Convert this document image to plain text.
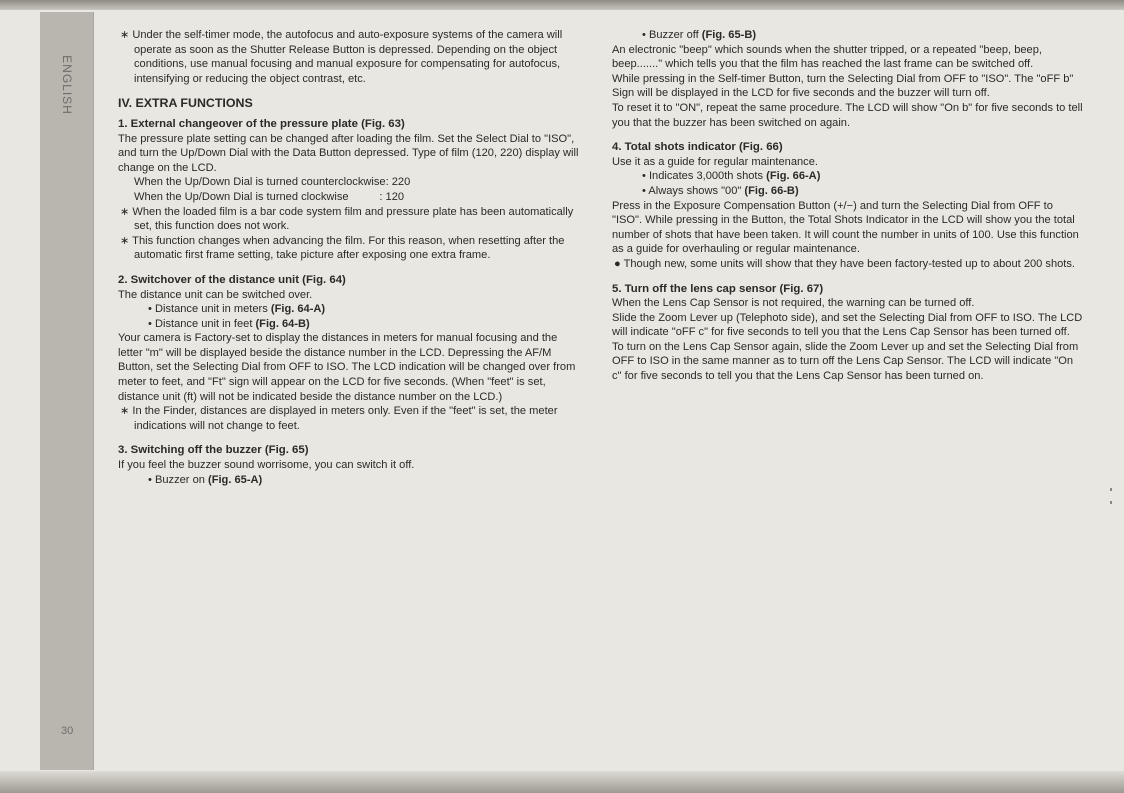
ENGLISH
30

∗ Under the self-timer mode, the autofocus and auto-exposure systems of the camera will operate as soon as the Shutter Release Button is depressed. Depending on the object conditions, use manual focusing and manual exposure for compensating for autofocus, intensifying or reducing the object contrast, etc.

IV. EXTRA FUNCTIONS

1. External changeover of the pressure plate (Fig. 63)

The pressure plate setting can be changed after loading the film. Set the Select Dial to "ISO", and turn the Up/Down Dial with the Data Button depressed. Type of film (120, 220) display will change on the LCD.

When the Up/Down Dial is turned counterclockwise: 220

When the Up/Down Dial is turned clockwise          : 120

∗ When the loaded film is a bar code system film and pressure plate has been automatically set, this function does not work.

∗ This function changes when advancing the film. For this reason, when resetting after the automatic first frame setting, take picture after exposing one extra frame.

2. Switchover of the distance unit (Fig. 64)

The distance unit can be switched over.

• Distance unit in meters (Fig. 64-A)

• Distance unit in feet (Fig. 64-B)

Your camera is Factory-set to display the distances in meters for manual focusing and the letter "m" will be displayed beside the distance number in the LCD. Depressing the AF/M Button, set the Selecting Dial from OFF to ISO. The LCD indication will be changed over from meter to feet, and "Ft" sign will appear on the LCD for five seconds. (When "feet" is set, distance unit (ft) will not be indicated beside the distance number on the LCD.)

∗ In the Finder, distances are displayed in meters only. Even if the "feet" is set, the meter indications will not change to feet.

3. Switching off the buzzer (Fig. 65)

If you feel the buzzer sound worrisome, you can switch it off.

• Buzzer on (Fig. 65-A)

• Buzzer off (Fig. 65-B)

An electronic "beep" which sounds when the shutter tripped, or a repeated "beep, beep, beep......." which tells you that the film has reached the last frame can be switched off.

While pressing in the Self-timer Button, turn the Selecting Dial from OFF to "ISO". The "oFF b" Sign will be displayed in the LCD for five seconds and the buzzer will turn off.

To reset it to "ON", repeat the same procedure. The LCD will show "On b" for five seconds to tell you that the buzzer has been switched on again.

4. Total shots indicator (Fig. 66)

Use it as a guide for regular maintenance.

• Indicates 3,000th shots (Fig. 66-A)

• Always shows "00" (Fig. 66-B)

Press in the Exposure Compensation Button (+/−) and turn the Selecting Dial from OFF to "ISO". While pressing in the Button, the Total Shots Indicator in the LCD will show you the total number of shots that have been taken. It will count the number in units of 100. Use this function as a guide for overhauling or regular maintenance.

● Though new, some units will show that they have been factory-tested up to about 200 shots.

5. Turn off the lens cap sensor (Fig. 67)

When the Lens Cap Sensor is not required, the warning can be turned off.

Slide the Zoom Lever up (Telephoto side), and set the Selecting Dial from OFF to ISO. The LCD will indicate "oFF c" for five seconds to tell you that the Lens Cap Sensor has been turned off.

To turn on the Lens Cap Sensor again, slide the Zoom Lever up and set the Selecting Dial from OFF to ISO in the same manner as to turn off the Lens Cap Sensor. The LCD will indicate "On c" for five seconds to tell you that the Lens Cap Sensor has been turned on.
